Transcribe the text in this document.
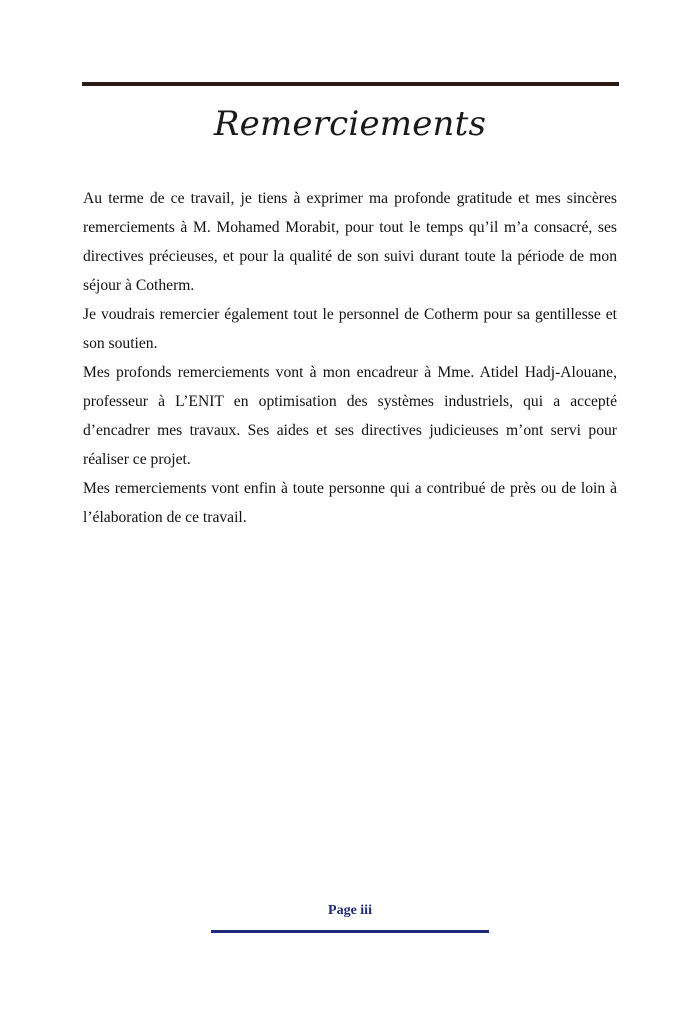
Remerciements

Au terme de ce travail, je tiens à exprimer ma profonde gratitude et mes sincères remerciements à M. Mohamed Morabit, pour tout le temps qu’il m’a consacré, ses directives précieuses, et pour la qualité de son suivi durant toute la période de mon séjour à Cotherm.

Je voudrais remercier également tout le personnel de Cotherm pour sa gentillesse et son soutien.

Mes profonds remerciements vont à mon encadreur à Mme. Atidel Hadj-Alouane, professeur à L’ENIT en optimisation des systèmes industriels, qui a accepté d’encadrer mes travaux. Ses aides et ses directives judicieuses m’ont servi pour réaliser ce projet.

Mes remerciements vont enfin à toute personne qui a contribué de près ou de loin à l’élaboration de ce travail.

Page iii
